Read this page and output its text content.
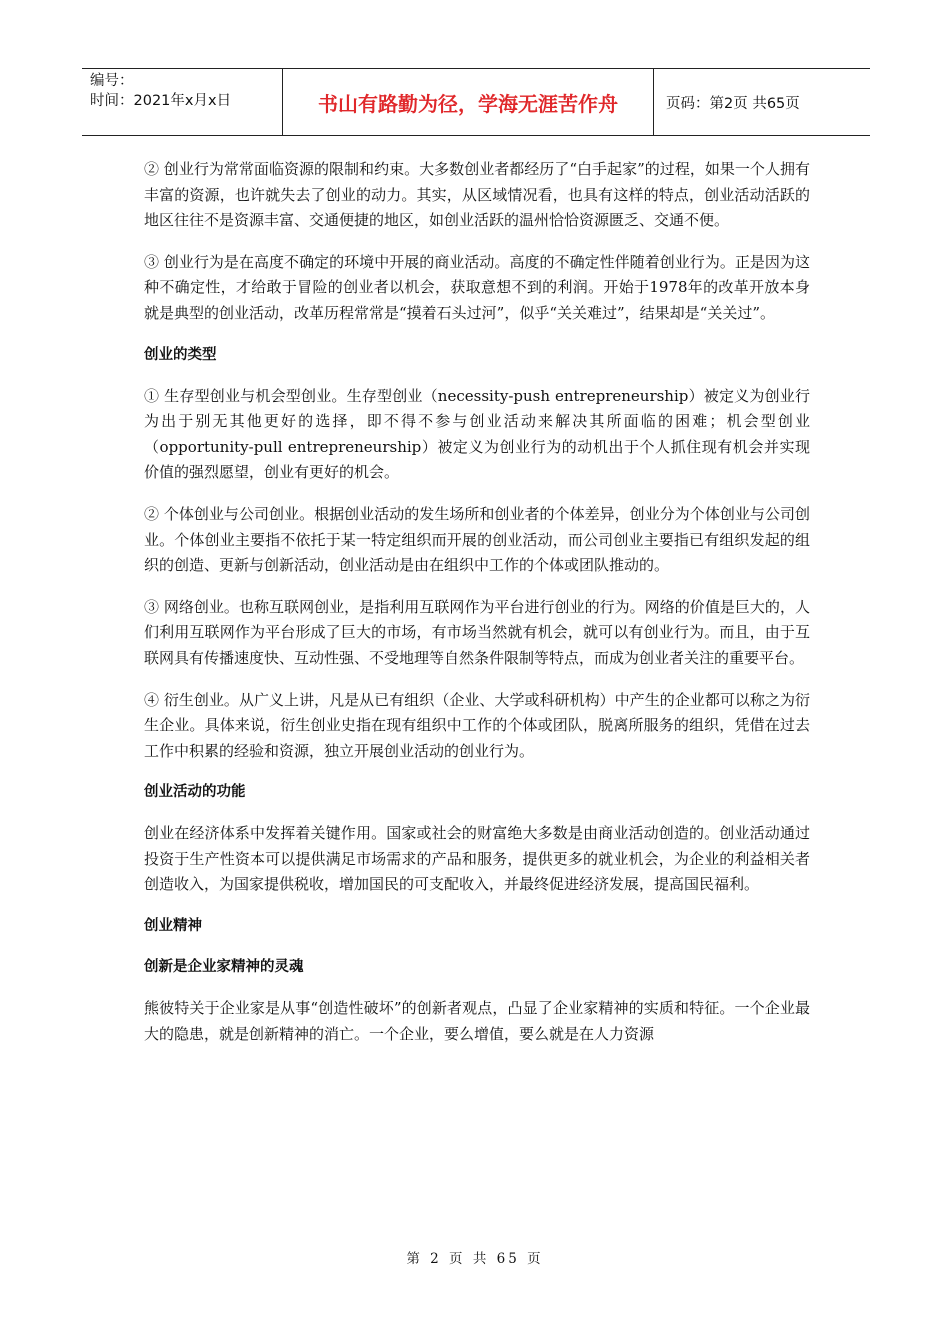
编号：
时间：2021年x月x日	书山有路勤为径，学海无涯苦作舟	页码：第2页 共65页

② 创业行为常常面临资源的限制和约束。大多数创业者都经历了“白手起家”的过程，如果一个人拥有丰富的资源，也许就失去了创业的动力。其实，从区域情况看，也具有这样的特点，创业活动活跃的地区往往不是资源丰富、交通便捷的地区，如创业活跃的温州恰恰资源匮乏、交通不便。

③ 创业行为是在高度不确定的环境中开展的商业活动。高度的不确定性伴随着创业行为。正是因为这种不确定性，才给敢于冒险的创业者以机会，获取意想不到的利润。开始于1978年的改革开放本身就是典型的创业活动，改革历程常常是“摸着石头过河”，似乎“关关难过”，结果却是“关关过”。

创业的类型

① 生存型创业与机会型创业。生存型创业（necessity-push entrepreneurship）被定义为创业行为出于别无其他更好的选择，即不得不参与创业活动来解决其所面临的困难；机会型创业（opportunity-pull entrepreneurship）被定义为创业行为的动机出于个人抓住现有机会并实现价值的强烈愿望，创业有更好的机会。

② 个体创业与公司创业。根据创业活动的发生场所和创业者的个体差异，创业分为个体创业与公司创业。个体创业主要指不依托于某一特定组织而开展的创业活动，而公司创业主要指已有组织发起的组织的创造、更新与创新活动，创业活动是由在组织中工作的个体或团队推动的。

③ 网络创业。也称互联网创业，是指利用互联网作为平台进行创业的行为。网络的价值是巨大的，人们利用互联网作为平台形成了巨大的市场，有市场当然就有机会，就可以有创业行为。而且，由于互联网具有传播速度快、互动性强、不受地理等自然条件限制等特点，而成为创业者关注的重要平台。

④ 衍生创业。从广义上讲，凡是从已有组织（企业、大学或科研机构）中产生的企业都可以称之为衍生企业。具体来说，衍生创业史指在现有组织中工作的个体或团队，脱离所服务的组织，凭借在过去工作中积累的经验和资源，独立开展创业活动的创业行为。

创业活动的功能

创业在经济体系中发挥着关键作用。国家或社会的财富绝大多数是由商业活动创造的。创业活动通过投资于生产性资本可以提供满足市场需求的产品和服务，提供更多的就业机会，为企业的利益相关者创造收入，为国家提供税收，增加国民的可支配收入，并最终促进经济发展，提高国民福利。

创业精神
创新是企业家精神的灵魂

熊彼特关于企业家是从事“创造性破坏”的创新者观点，凸显了企业家精神的实质和特征。一个企业最大的隐患，就是创新精神的消亡。一个企业，要么增值，要么就是在人力资源

第 2 页 共 65 页
